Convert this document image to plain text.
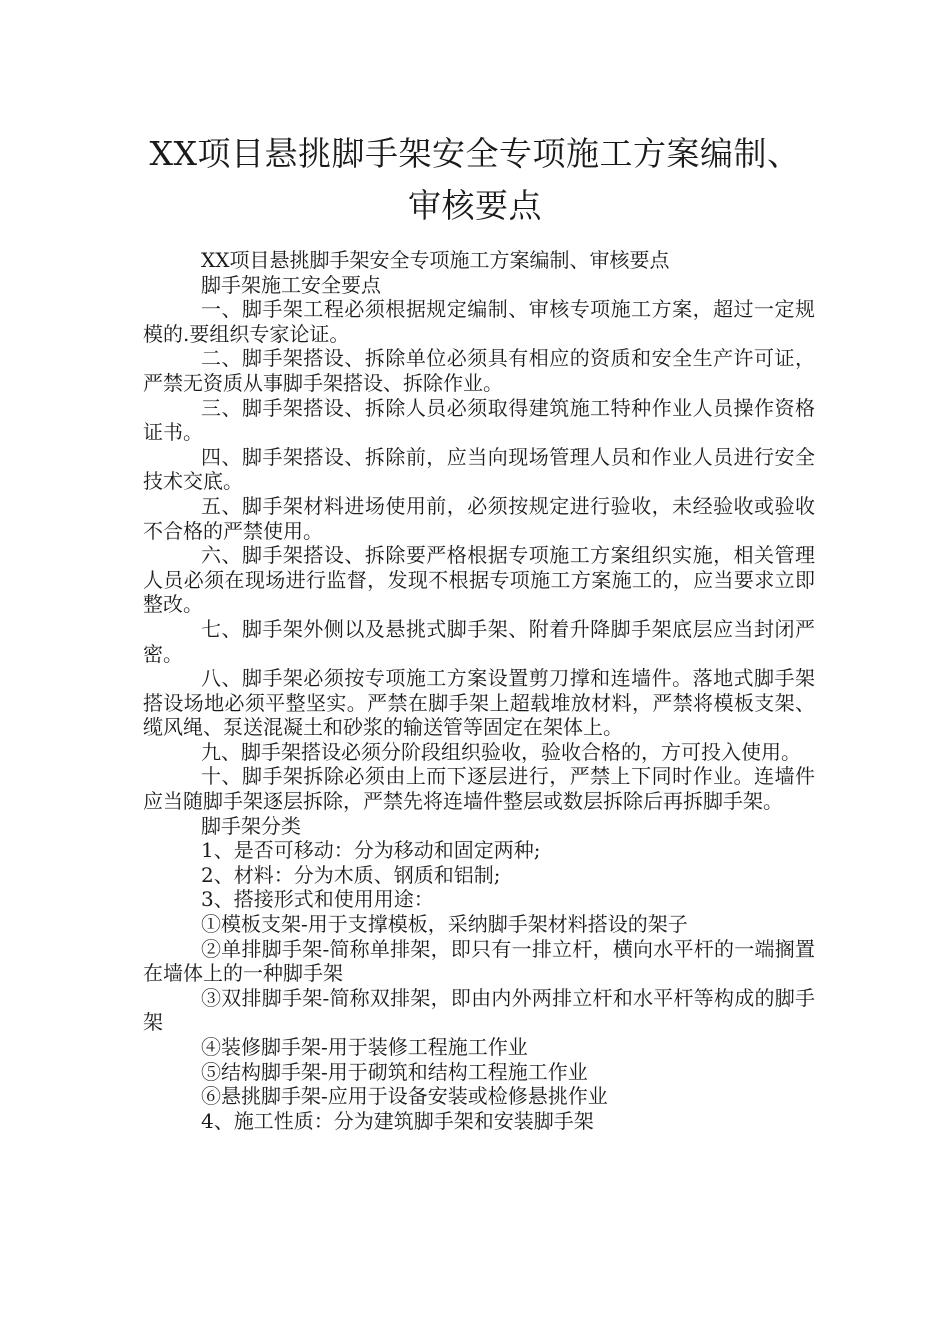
XX项目悬挑脚手架安全专项施工方案编制、
审核要点

XX项目悬挑脚手架安全专项施工方案编制、审核要点

脚手架施工安全要点

一、脚手架工程必须根据规定编制、审核专项施工方案，超过一定规模的.要组织专家论证。

二、脚手架搭设、拆除单位必须具有相应的资质和安全生产许可证，严禁无资质从事脚手架搭设、拆除作业。

三、脚手架搭设、拆除人员必须取得建筑施工特种作业人员操作资格证书。

四、脚手架搭设、拆除前，应当向现场管理人员和作业人员进行安全技术交底。

五、脚手架材料进场使用前，必须按规定进行验收，未经验收或验收不合格的严禁使用。

六、脚手架搭设、拆除要严格根据专项施工方案组织实施，相关管理人员必须在现场进行监督，发现不根据专项施工方案施工的，应当要求立即整改。

七、脚手架外侧以及悬挑式脚手架、附着升降脚手架底层应当封闭严密。

八、脚手架必须按专项施工方案设置剪刀撑和连墙件。落地式脚手架搭设场地必须平整坚实。严禁在脚手架上超载堆放材料，严禁将模板支架、缆风绳、泵送混凝土和砂浆的输送管等固定在架体上。

九、脚手架搭设必须分阶段组织验收，验收合格的，方可投入使用。

十、脚手架拆除必须由上而下逐层进行，严禁上下同时作业。连墙件应当随脚手架逐层拆除，严禁先将连墙件整层或数层拆除后再拆脚手架。

脚手架分类

1、是否可移动：分为移动和固定两种;

2、材料：分为木质、钢质和铝制;

3、搭接形式和使用用途：

①模板支架-用于支撑模板，采纳脚手架材料搭设的架子

②单排脚手架-简称单排架，即只有一排立杆，横向水平杆的一端搁置在墙体上的一种脚手架

③双排脚手架-简称双排架，即由内外两排立杆和水平杆等构成的脚手架

④装修脚手架-用于装修工程施工作业

⑤结构脚手架-用于砌筑和结构工程施工作业

⑥悬挑脚手架-应用于设备安装或检修悬挑作业

4、施工性质：分为建筑脚手架和安装脚手架
